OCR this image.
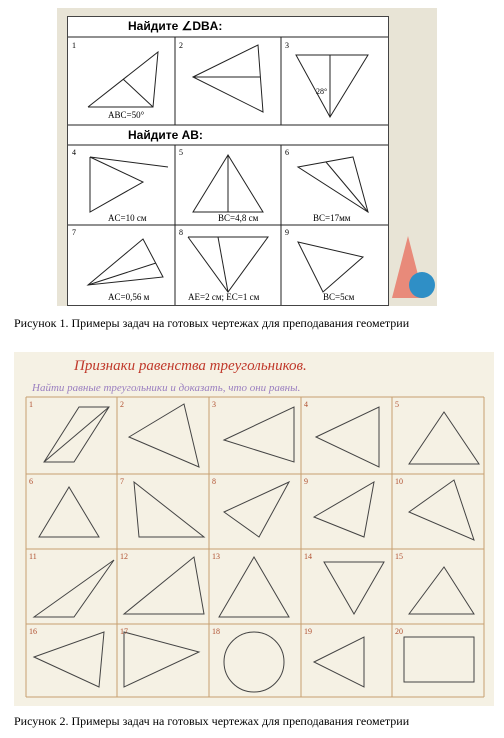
Найдите ∠DBA:
Найдите AB:
1
ABC=50°
2	3
28°
4
AC=10 см
5
BC=4,8 см
6
BC=17мм
7
AC=0,56 м
8
AE=2 см; EC=1 см
9
BC=5см
Рисунок 1. Примеры задач на готовых чертежах для преподавания геометрии
Признаки равенства треугольников.
Найти равные треугольники и доказать, что они равны.
1	2	3	4	5
6	7	8	9	10
11	12	13	14	15
16	17	18	19	20
Рисунок 2. Примеры задач на готовых чертежах для преподавания геометрии
